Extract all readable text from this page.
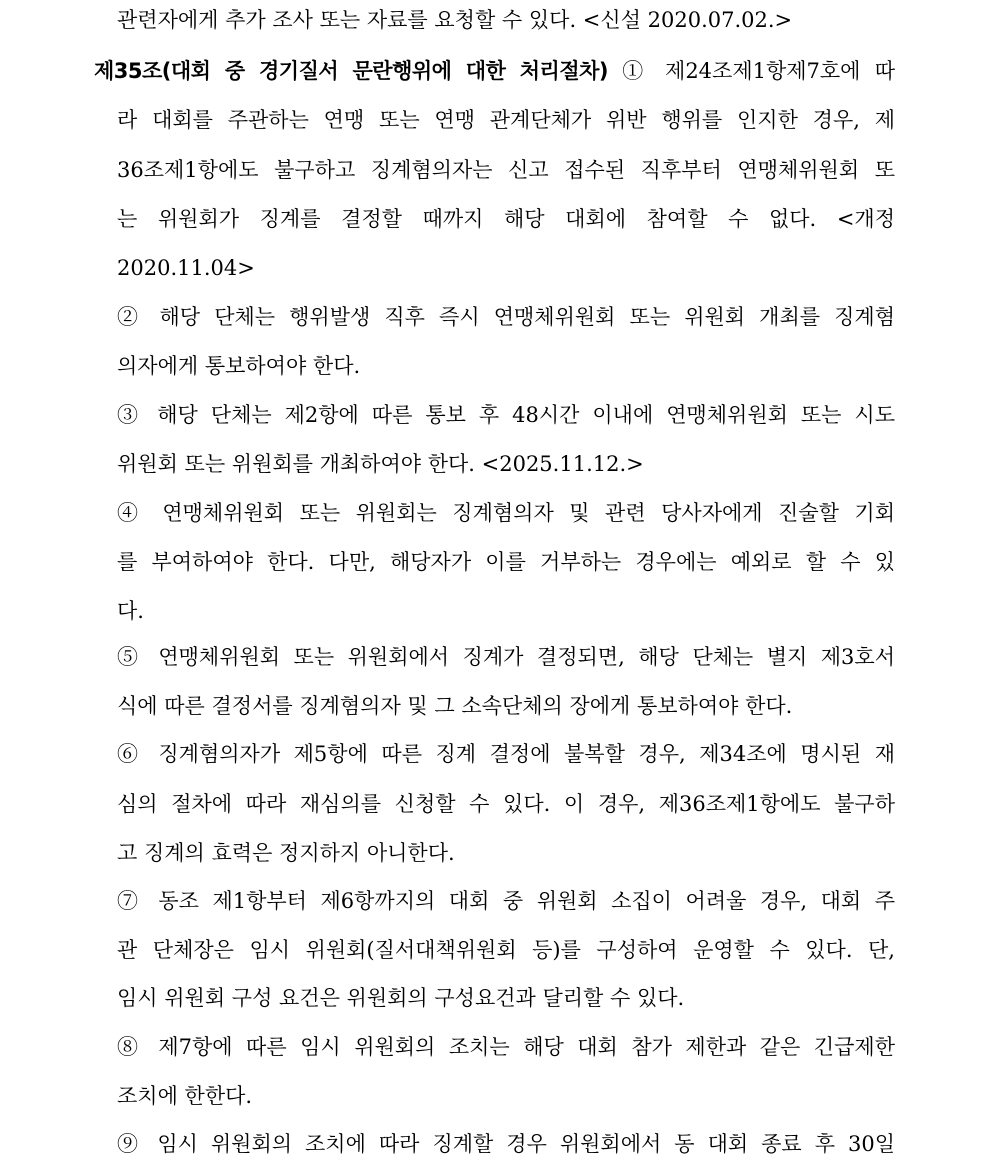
관련자에게 추가 조사 또는 자료를 요청할 수 있다. <신설 2020.07.02.>
제35조(대회 중 경기질서 문란행위에 대한 처리절차) ① 제24조제1항제7호에 따
라 대회를 주관하는 연맹 또는 연맹 관계단체가 위반 행위를 인지한 경우, 제
36조제1항에도 불구하고 징계혐의자는 신고 접수된 직후부터 연맹체위원회 또
는 위원회가 징계를 결정할 때까지 해당 대회에 참여할 수 없다. <개정
2020.11.04>
② 해당 단체는 행위발생 직후 즉시 연맹체위원회 또는 위원회 개최를 징계혐
의자에게 통보하여야 한다.
③ 해당 단체는 제2항에 따른 통보 후 48시간 이내에 연맹체위원회 또는 시도
위원회 또는 위원회를 개최하여야 한다. <2025.11.12.>
④ 연맹체위원회 또는 위원회는 징계혐의자 및 관련 당사자에게 진술할 기회
를 부여하여야 한다. 다만, 해당자가 이를 거부하는 경우에는 예외로 할 수 있
다.
⑤ 연맹체위원회 또는 위원회에서 징계가 결정되면, 해당 단체는 별지 제3호서
식에 따른 결정서를 징계혐의자 및 그 소속단체의 장에게 통보하여야 한다.
⑥ 징계혐의자가 제5항에 따른 징계 결정에 불복할 경우, 제34조에 명시된 재
심의 절차에 따라 재심의를 신청할 수 있다. 이 경우, 제36조제1항에도 불구하
고 징계의 효력은 정지하지 아니한다.
⑦ 동조 제1항부터 제6항까지의 대회 중 위원회 소집이 어려울 경우, 대회 주
관 단체장은 임시 위원회(질서대책위원회 등)를 구성하여 운영할 수 있다. 단,
임시 위원회 구성 요건은 위원회의 구성요건과 달리할 수 있다.
⑧ 제7항에 따른 임시 위원회의 조치는 해당 대회 참가 제한과 같은 긴급제한
조치에 한한다.
⑨ 임시 위원회의 조치에 따라 징계할 경우 위원회에서 동 대회 종료 후 30일
